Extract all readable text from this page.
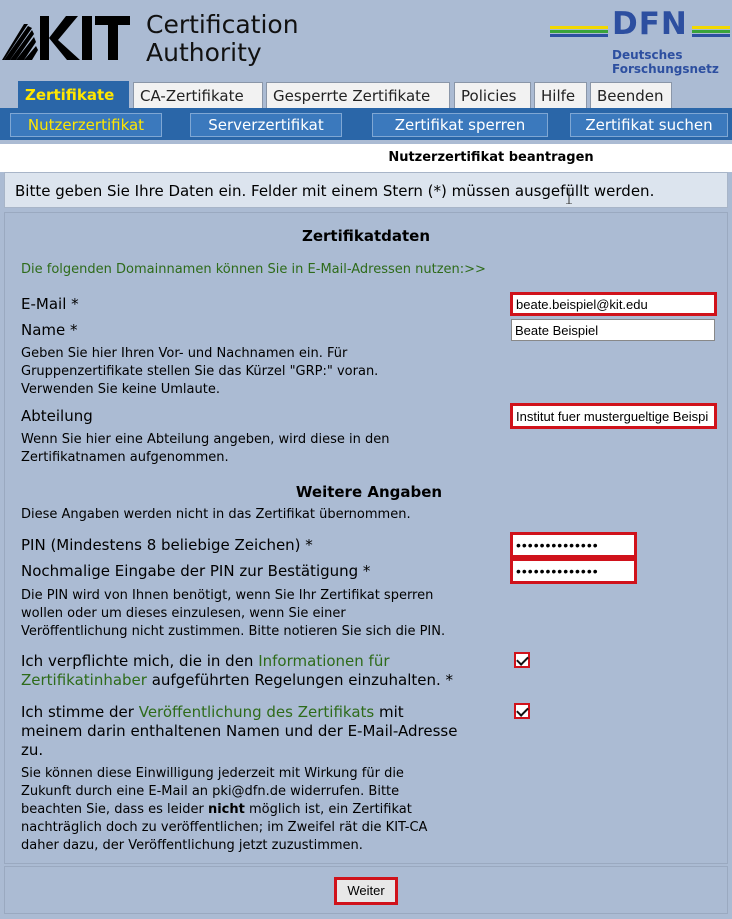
KIT	Certification
Authority
DFN
Deutsches
Forschungsnetz
Zertifikate	CA-Zertifikate	Gesperrte Zertifikate	Policies	Hilfe	Beenden
Nutzerzertifikat	Serverzertifikat	Zertifikat sperren	Zertifikat suchen
Nutzerzertifikat beantragen
Bitte geben Sie Ihre Daten ein. Felder mit einem Stern (*) müssen ausgefüllt werden.
Zertifikatdaten
Die folgenden Domainnamen können Sie in E-Mail-Adressen nutzen:>>
E-Mail *
beate.beispiel@kit.edu
Name *
Beate Beispiel
Geben Sie hier Ihren Vor- und Nachnamen ein. Für
Gruppenzertifikate stellen Sie das Kürzel "GRP:" voran.
Verwenden Sie keine Umlaute.
Abteilung
Institut fuer mustergueltige Beispi
Wenn Sie hier eine Abteilung angeben, wird diese in den
Zertifikatnamen aufgenommen.
Weitere Angaben
Diese Angaben werden nicht in das Zertifikat übernommen.
PIN (Mindestens 8 beliebige Zeichen) *
••••••••••••••
Nochmalige Eingabe der PIN zur Bestätigung *
••••••••••••••
Die PIN wird von Ihnen benötigt, wenn Sie Ihr Zertifikat sperren
wollen oder um dieses einzulesen, wenn Sie einer
Veröffentlichung nicht zustimmen. Bitte notieren Sie sich die PIN.
Ich verpflichte mich, die in den Informationen für
Zertifikatinhaber aufgeführten Regelungen einzuhalten. *
Ich stimme der Veröffentlichung des Zertifikats mit
meinem darin enthaltenen Namen und der E-Mail-Adresse
zu.
Sie können diese Einwilligung jederzeit mit Wirkung für die
Zukunft durch eine E-Mail an pki@dfn.de widerrufen. Bitte
beachten Sie, dass es leider nicht möglich ist, ein Zertifikat
nachträglich doch zu veröffentlichen; im Zweifel rät die KIT-CA
daher dazu, der Veröffentlichung jetzt zuzustimmen.
Weiter
